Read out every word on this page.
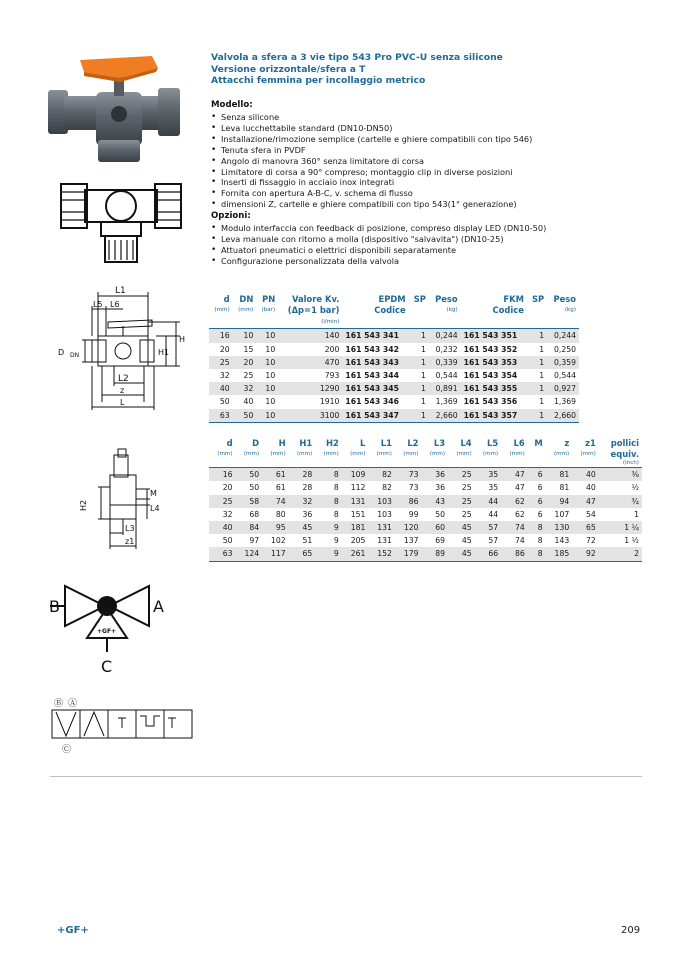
Valvola a sfera a 3 vie tipo 543 Pro PVC-U senza silicone
Versione orizzontale/sfera a T
Attacchi femmina per incollaggio metrico
Modello:
• Senza silicone
• Leva lucchettabile standard (DN10-DN50)
• Installazione/rimozione semplice (cartelle e ghiere compatibili con tipo 546)
• Tenuta sfera in PVDF
• Angolo di manovra 360° senza limitatore di corsa
• Limitatore di corsa a 90° compreso; montaggio clip in diverse posizioni
• Inserti di fissaggio in acciaio inox integrati
• Fornita con apertura A-B-C, v. schema di flusso
• dimensioni Z, cartelle e ghiere compatibili con tipo 543(1° generazione)
Opzioni:
• Modulo interfaccia con feedback di posizione, compreso display LED (DN10-50)
• Leva manuale con ritorno a molla (dispositivo "salvavita") (DN10-25)
• Attuatori pneumatici o elettrici disponibili separatamente
• Configurazione personalizzata della valvola
L1
L5 L6
D DN	H1
H
L2
z
L
H2
M
L4
L3
z1
+GF+
B	A
C
Ⓑ Ⓐ
Ⓒ
d	DN	PN	Valore Kv.	EPDM	SP	Peso	FKM	SP	Peso
(mm)	(mm)	(bar)	(Δp=1 bar)	Codice		(kg)	Codice		(kg)
			(l/min)						
16	10	10	140	161 543 341	1	0,244	161 543 351	1	0,244
20	15	10	200	161 543 342	1	0,232	161 543 352	1	0,250
25	20	10	470	161 543 343	1	0,339	161 543 353	1	0,359
32	25	10	793	161 543 344	1	0,544	161 543 354	1	0,544
40	32	10	1290	161 543 345	1	0,891	161 543 355	1	0,927
50	40	10	1910	161 543 346	1	1,369	161 543 356	1	1,369
63	50	10	3100	161 543 347	1	2,660	161 543 357	1	2,660
d	D	H	H1	H2	L	L1	L2	L3	L4	L5	L6	M	z	z1	pollici
(mm)	(mm)	(mm)	(mm)	(mm)	(mm)	(mm)	(mm)	(mm)	(mm)	(mm)	(mm)		(mm)	(mm)	equiv.
															(inch)
16	50	61	28	8	109	82	73	36	25	35	47	6	81	40	⅜
20	50	61	28	8	112	82	73	36	25	35	47	6	81	40	½
25	58	74	32	8	131	103	86	43	25	44	62	6	94	47	¾
32	68	80	36	8	151	103	99	50	25	44	62	6	107	54	1
40	84	95	45	9	181	131	120	60	45	57	74	8	130	65	1 ¼
50	97	102	51	9	205	131	137	69	45	57	74	8	143	72	1 ½
63	124	117	65	9	261	152	179	89	45	66	86	8	185	92	2
+GF+	209
